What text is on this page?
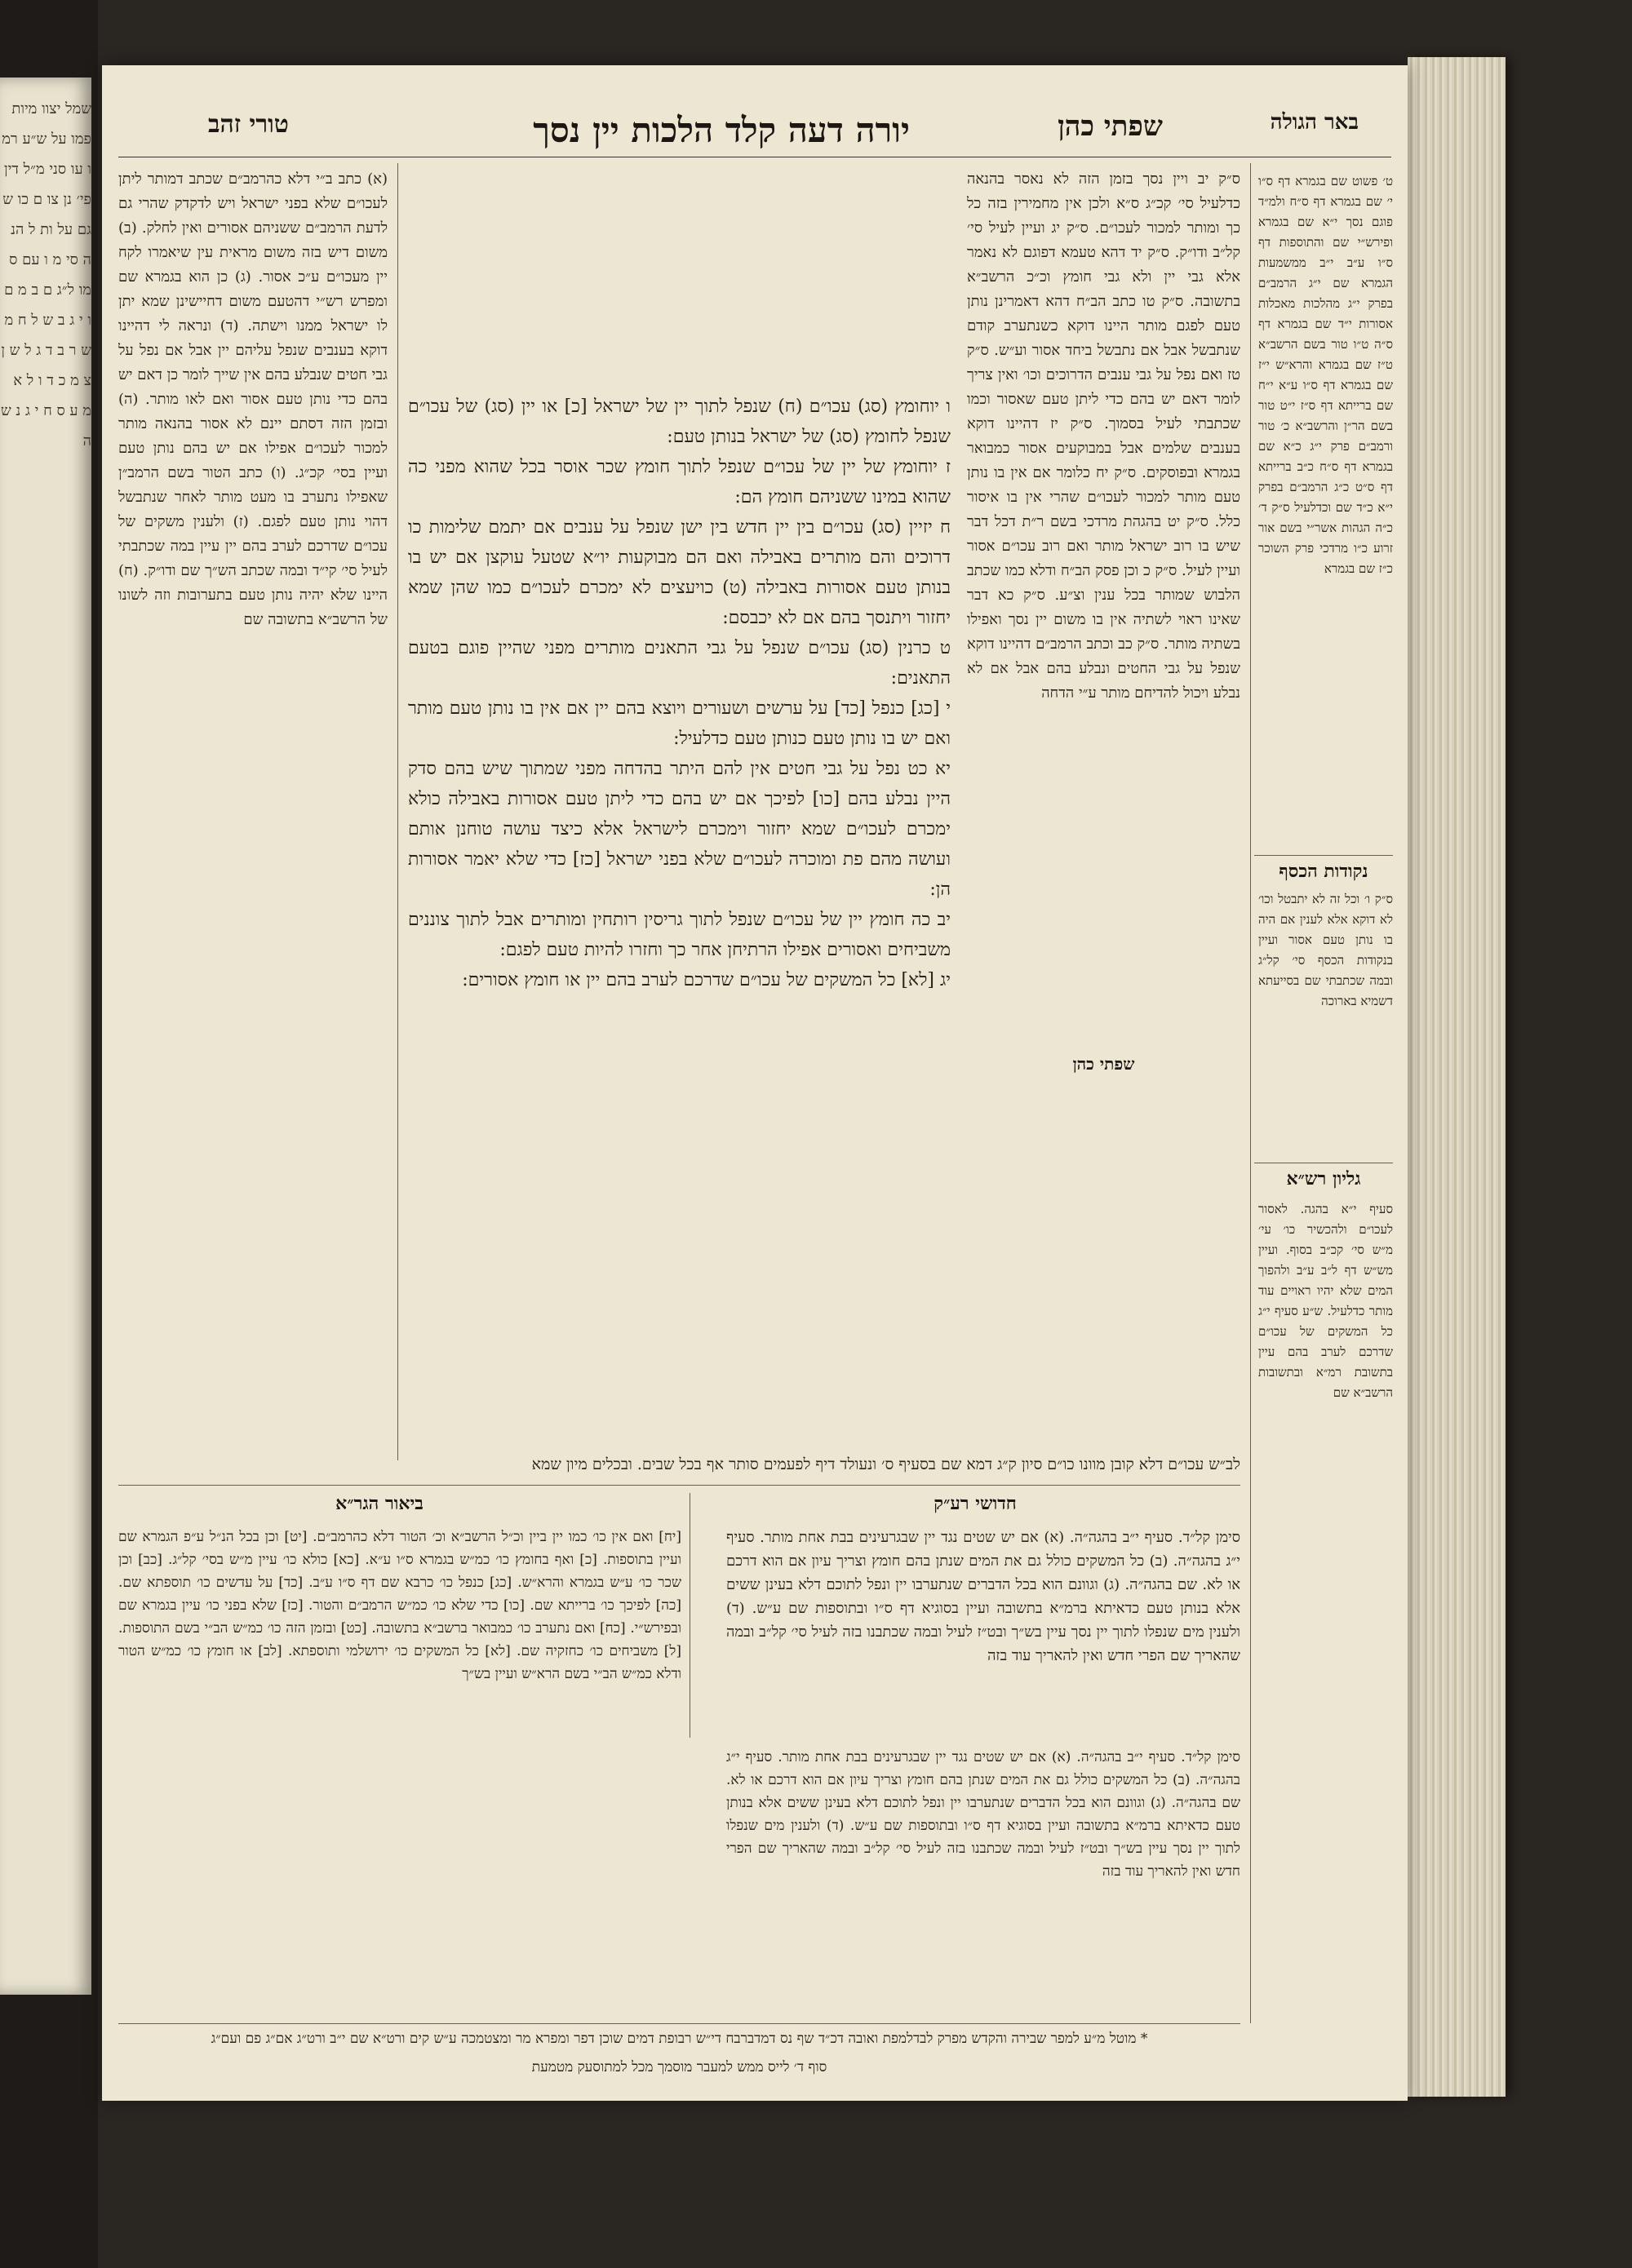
שמל יצוו מיות פמו על ש״ע רמו עו סני מ״ל דין פי׳ נן צו ם כו ש גם על ות ל הנ ה סי מ ו עם ס מו ל״ג ם ב מ ם ו י ג ב ש ל ח מ ש ר ב ד ג ל ש ן צ מ כ ד ו ל א מ ע ס ח י ג נ ש ה
באר הגולה
שפתי כהן
יורה דעה קלד הלכות יין נסך
טורי זהב
ט׳ פשוט שם בגמרא דף ס״ו י׳ שם בגמרא דף ס״ח ולמ״ד פוגם נסך י״א שם בגמרא ופירש״י שם והתוספות דף ס״ו ע״ב י״ב ממשמעות הגמרא שם י״ג הרמב״ם בפרק י״ג מהלכות מאכלות אסורות י״ד שם בגמרא דף ס״ה ט״ו טור בשם הרשב״א ט״ז שם בגמרא והרא״ש י״ז שם בגמרא דף ס״ו ע״א י״ח שם ברייתא דף ס״ז י״ט טור בשם הר״ן והרשב״א כ׳ טור ורמב״ם פרק י״ג כ״א שם בגמרא דף ס״ח כ״ב ברייתא דף ס״ט כ״ג הרמב״ם בפרק י״א כ״ד שם וכדלעיל ס״ק ד׳ כ״ה הגהות אשר״י בשם אור זרוע כ״ו מרדכי פרק השוכר כ״ז שם בגמרא
נקודות הכסף
ס״ק ו׳ וכל זה לא יתבטל וכו׳ לא דוקא אלא לענין אם היה בו נותן טעם אסור ועיין בנקודות הכסף סי׳ קל״ג ובמה שכתבתי שם בסייעתא דשמיא בארוכה
גליון רש״א
סעיף י״א בהגה. לאסור לעכו״ם ולהכשיר כו׳ עי׳ מ״ש סי׳ קכ״ב בסוף. ועיין מש״ש דף ל״ב ע״ב ולהפוך המים שלא יהיו ראויים עוד מותר כדלעיל. ש״ע סעיף י״ג כל המשקים של עכו״ם שדרכם לערב בהם עיין בתשובת רמ״א ובתשובות הרשב״א שם
ס״ק יב ויין נסך בזמן הזה לא נאסר בהנאה כדלעיל סי׳ קכ״ג ס״א ולכן אין מחמירין בזה כל כך ומותר למכור לעכו״ם. ס״ק יג ועיין לעיל סי׳ קל״ב ודו״ק. ס״ק יד דהא טעמא דפוגם לא נאמר אלא גבי יין ולא גבי חומץ וכ״כ הרשב״א בתשובה. ס״ק טו כתב הב״ח דהא דאמרינן נותן טעם לפגם מותר היינו דוקא כשנתערב קודם שנתבשל אבל אם נתבשל ביחד אסור וע״ש. ס״ק טז ואם נפל על גבי ענבים הדרוכים וכו׳ ואין צריך לומר דאם יש בהם כדי ליתן טעם שאסור וכמו שכתבתי לעיל בסמוך. ס״ק יז דהיינו דוקא בענבים שלמים אבל במבוקעים אסור כמבואר בגמרא ובפוסקים. ס״ק יח כלומר אם אין בו נותן טעם מותר למכור לעכו״ם שהרי אין בו איסור כלל. ס״ק יט בהגהת מרדכי בשם ר״ת דכל דבר שיש בו רוב ישראל מותר ואם רוב עכו״ם אסור ועיין לעיל. ס״ק כ וכן פסק הב״ח ודלא כמו שכתב הלבוש שמותר בכל ענין וצ״ע. ס״ק כא דבר שאינו ראוי לשתיה אין בו משום יין נסך ואפילו בשתיה מותר. ס״ק כב וכתב הרמב״ם דהיינו דוקא שנפל על גבי החטים ונבלע בהם אבל אם לא נבלע ויכול להדיחם מותר ע״י הדחה
שפתי כהן
(א) כתב ב״י דלא כהרמב״ם שכתב דמותר ליתן לעכו״ם שלא בפני ישראל ויש לדקדק שהרי גם לדעת הרמב״ם ששניהם אסורים ואין לחלק. (ב) משום דיש בזה משום מראית עין שיאמרו לקח יין מעכו״ם ע״כ אסור. (ג) כן הוא בגמרא שם ומפרש רש״י דהטעם משום דחיישינן שמא יתן לו ישראל ממנו וישתה. (ד) ונראה לי דהיינו דוקא בענבים שנפל עליהם יין אבל אם נפל על גבי חטים שנבלע בהם אין שייך לומר כן דאם יש בהם כדי נותן טעם אסור ואם לאו מותר. (ה) ובזמן הזה דסתם יינם לא אסור בהנאה מותר למכור לעכו״ם אפילו אם יש בהם נותן טעם ועיין בסי׳ קכ״ג. (ו) כתב הטור בשם הרמב״ן שאפילו נתערב בו מעט מותר לאחר שנתבשל דהוי נותן טעם לפגם. (ז) ולענין משקים של עכו״ם שדרכם לערב בהם יין עיין במה שכתבתי לעיל סי׳ קי״ד ובמה שכתב הש״ך שם ודו״ק. (ח) היינו שלא יהיה נותן טעם בתערובות וזה לשונו של הרשב״א בתשובה שם
ו יוחומץ (סג) עכו״ם (ח) שנפל לתוך יין של ישראל [כ] או יין (סג) של עכו״ם שנפל לחומץ (סג) של ישראל בנותן טעם:
ז יוחומץ של יין של עכו״ם שנפל לתוך חומץ שכר אוסר בכל שהוא מפני כה שהוא במינו ששניהם חומץ הם:
ח יזיין (סג) עכו״ם בין יין חדש בין ישן שנפל על ענבים אם יתמם שלימות כו דרוכים והם מותרים באבילה ואם הם מבוקעות יו״א שטעל עוקצן אם יש בו בנותן טעם אסורות באבילה (ט) כויעצים לא ימכרם לעכו״ם כמו שהן שמא יחזור ויתנסך בהם אם לא יכבסם:
ט כרנין (סג) עכו״ם שנפל על גבי התאנים מותרים מפני שהיין פוגם בטעם התאנים:
י [כג] כנפל [כד] על ערשים ושעורים ויוצא בהם יין אם אין בו נותן טעם מותר ואם יש בו נותן טעם כנותן טעם כדלעיל:
יא כט נפל על גבי חטים אין להם היתר בהדחה מפני שמתוך שיש בהם סדק היין נבלע בהם [כו] לפיכך אם יש בהם כדי ליתן טעם אסורות באבילה כולא ימכרם לעכו״ם שמא יחזור וימכרם לישראל אלא כיצד עושה טוחנן אותם ועושה מהם פת ומוכרה לעכו״ם שלא בפני ישראל [כז] כדי שלא יאמר אסורות הן:
יב כה חומץ יין של עכו״ם שנפל לתוך גריסין רותחין ומותרים אבל לתוך צוננים משביחים ואסורים אפילו הרתיחן אחר כך וחזרו להיות טעם לפגם:
יג [לא] כל המשקים של עכו״ם שדרכם לערב בהם יין או חומץ אסורים:
לב״ש עכו״ם דלא קובן מוונו כו״ם סיון ק״ג דמא שם בסעיף ס׳ ונעולד דיף לפעמים סותר אף בכל שבים. ובכלים מיון שמא
חדושי רע״ק
ביאור הגר״א
סימן קל״ד. סעיף י״ב בהגה״ה. (א) אם יש שטים נגד יין שבגרעינים בבת אחת מותר. סעיף י״ג בהגה״ה. (ב) כל המשקים כולל גם את המים שנתן בהם חומץ וצריך עיון אם הוא דרכם או לא. שם בהגה״ה. (ג) וגוונם הוא בכל הדברים שנתערבו יין ונפל לתוכם דלא בעינן ששים אלא בנותן טעם כדאיתא ברמ״א בתשובה ועיין בסוגיא דף ס״ו ובתוספות שם ע״ש. (ד) ולענין מים שנפלו לתוך יין נסך עיין בש״ך ובט״ז לעיל ובמה שכתבנו בזה לעיל סי׳ קל״ב ובמה שהאריך שם הפרי חדש ואין להאריך עוד בזה
[יח] ואם אין כו׳ כמו יין ביין וכ״ל הרשב״א וכ׳ הטור דלא כהרמב״ם. [יט] וכן בכל הנ״ל ע״פ הגמרא שם ועיין בתוספות. [כ] ואף בחומץ כו׳ כמ״ש בגמרא ס״ו ע״א. [כא] כולא כו׳ עיין מ״ש בסי׳ קל״ג. [כב] וכן שכר כו׳ ע״ש בגמרא והרא״ש. [כג] כנפל כו׳ כרבא שם דף ס״ו ע״ב. [כד] על עדשים כו׳ תוספתא שם. [כה] לפיכך כו׳ ברייתא שם. [כו] כדי שלא כו׳ כמ״ש הרמב״ם והטור. [כז] שלא בפני כו׳ עיין בגמרא שם ובפירש״י. [כח] ואם נתערב כו׳ כמבואר ברשב״א בתשובה. [כט] ובזמן הזה כו׳ כמ״ש הב״י בשם התוספות. [ל] משביחים כו׳ כחזקיה שם. [לא] כל המשקים כו׳ ירושלמי ותוספתא. [לב] או חומץ כו׳ כמ״ש הטור ודלא כמ״ש הב״י בשם הרא״ש ועיין בש״ך
סימן קל״ד. סעיף י״ב בהגה״ה. (א) אם יש שטים נגד יין שבגרעינים בבת אחת מותר. סעיף י״ג בהגה״ה. (ב) כל המשקים כולל גם את המים שנתן בהם חומץ וצריך עיון אם הוא דרכם או לא. שם בהגה״ה. (ג) וגוונם הוא בכל הדברים שנתערבו יין ונפל לתוכם דלא בעינן ששים אלא בנותן טעם כדאיתא ברמ״א בתשובה ועיין בסוגיא דף ס״ו ובתוספות שם ע״ש. (ד) ולענין מים שנפלו לתוך יין נסך עיין בש״ך ובט״ז לעיל ובמה שכתבנו בזה לעיל סי׳ קל״ב ובמה שהאריך שם הפרי חדש ואין להאריך עוד בזה
* מוטל מ״ע למפר שבירה והקדש מפרק לבדלמפת ואובה דכ״ד שף נס דמדברבח די״ש רבופת דמים שוכן דפר ומפרא מר ומצטמכה ע״ש קים ורט״א שם י״ב ורט״ג אם״ג פם ועם״ג
סוף ד׳ לייס ממש למעבר מוסמך מכל למתוסעק מטמעת
